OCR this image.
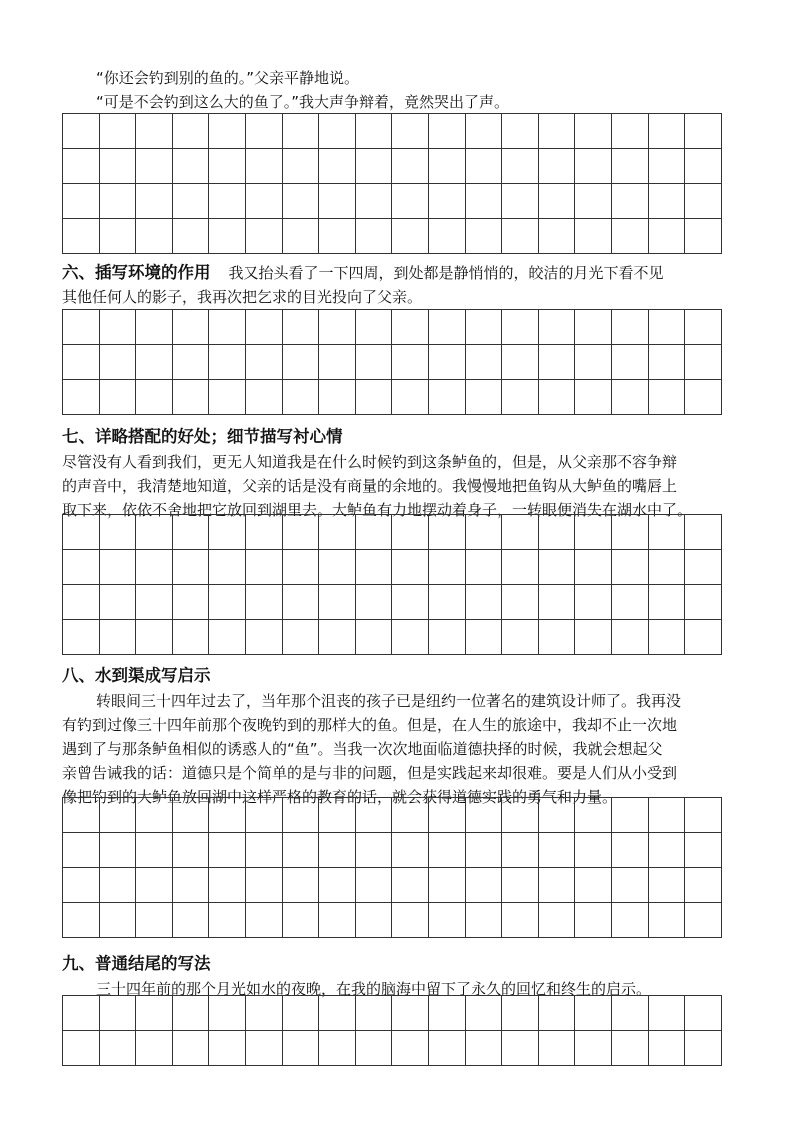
“你还会钓到别的鱼的。”父亲平静地说。

“可是不会钓到这么大的鱼了。”我大声争辩着，竟然哭出了声。

六、插写环境的作用 我又抬头看了一下四周，到处都是静悄悄的，皎洁的月光下看不见

其他任何人的影子，我再次把乞求的目光投向了父亲。

七、详略搭配的好处；细节描写衬心情

尽管没有人看到我们，更无人知道我是在什么时候钓到这条鲈鱼的，但是，从父亲那不容争辩

的声音中，我清楚地知道，父亲的话是没有商量的余地的。我慢慢地把鱼钩从大鲈鱼的嘴唇上

取下来，依依不舍地把它放回到湖里去。大鲈鱼有力地摆动着身子，一转眼便消失在湖水中了。

八、水到渠成写启示

转眼间三十四年过去了，当年那个沮丧的孩子已是纽约一位著名的建筑设计师了。我再没

有钓到过像三十四年前那个夜晚钓到的那样大的鱼。但是，在人生的旅途中，我却不止一次地

遇到了与那条鲈鱼相似的诱惑人的“鱼”。当我一次次地面临道德抉择的时候，我就会想起父

亲曾告诫我的话：道德只是个简单的是与非的问题，但是实践起来却很难。要是人们从小受到

像把钓到的大鲈鱼放回湖中这样严格的教育的话，就会获得道德实践的勇气和力量。

九、普通结尾的写法

三十四年前的那个月光如水的夜晚，在我的脑海中留下了永久的回忆和终生的启示。
